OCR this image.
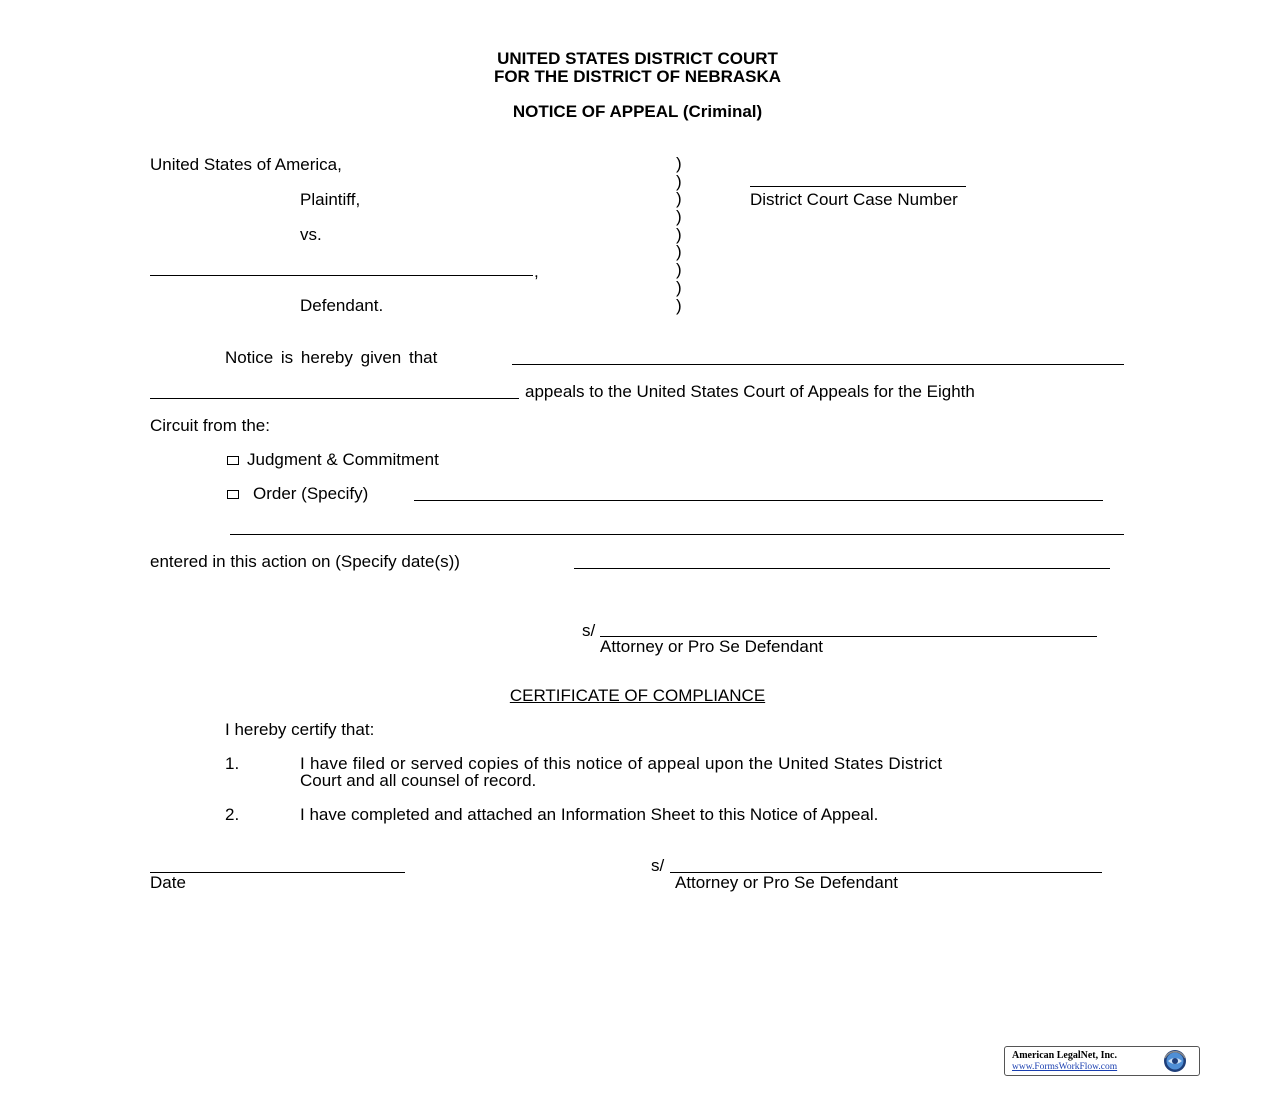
UNITED STATES DISTRICT COURT
FOR THE DISTRICT OF NEBRASKA
NOTICE OF APPEAL (Criminal)
United States of America,
Plaintiff,
vs.
,
Defendant.
)
)
)
)
)
)
)
)
)
District Court Case Number
Notice is hereby given that
appeals to the United States Court of Appeals for the Eighth
Circuit from the:
Judgment & Commitment
Order (Specify)
entered in this action on (Specify date(s))
s/
Attorney or Pro Se Defendant
CERTIFICATE OF COMPLIANCE
I hereby certify that:
1.	I have filed or served copies of this notice of appeal upon the United States District
Court and all counsel of record.
2.	I have completed and attached an Information Sheet to this Notice of Appeal.
Date
s/
Attorney or Pro Se Defendant
American LegalNet, Inc.
www.FormsWorkFlow.com
